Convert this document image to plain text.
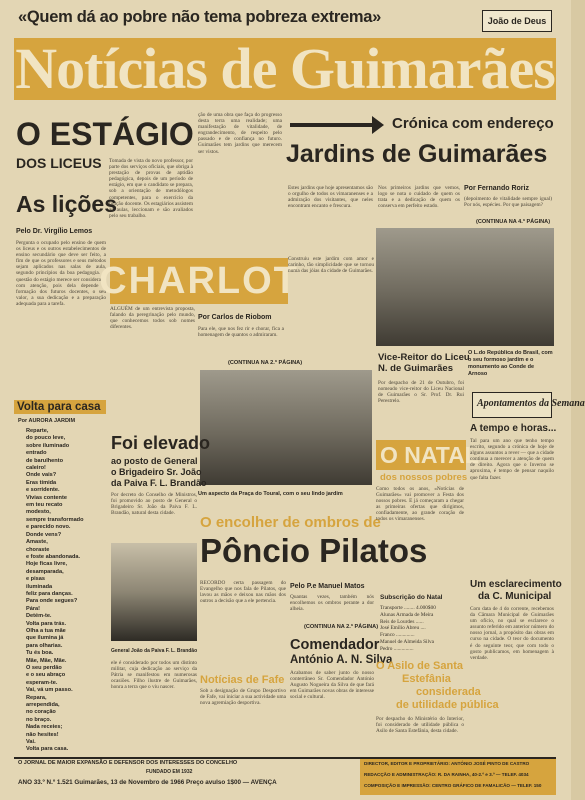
«Quem dá ao pobre não tema pobreza extrema»	João de Deus
Notícias de Guimarães
O ESTÁGIO
DOS LICEUS
As lições
Pelo Dr. Virgílio Lemos
Pergunta o ocupado pelo ensino de quem os liceus e os outros estabelecimentos de ensino secundário que deve ser feito, a fim de que os professores e seus métodos sejam aplicados nas salas de aula, segundo princípios da boa pedagogia. A questão do estágio merece ser considerada com atenção, pois dela depende a formação dos futuros docentes, o seu valor, a sua dedicação e a preparação adequada para a tarefa.
Tomada de vista do novo professor, por parte dos serviços oficiais, que obriga à prestação de provas de aptidão pedagógica, depois de um período de estágio, em que o candidato se prepara, sob a orientação de metodólogos competentes, para o exercício da função docente. Os estagiários assistem às aulas, leccionam e são avaliados pelo seu trabalho.
Crónica com endereço
Jardins de Guimarães
ção de uma obra que faça do progresso desta terra uma realidade; uma manifestação de vitalidade, de engrandecimento, de respeito pelo passado e de confiança no futuro. Guimarães tem jardins que merecem ser vistos.
Estes jardins que hoje apresentamos são o orgulho de todos os vimaranenses e a admiração dos visitantes, que neles encontram encanto e frescura.
Nos primeiros jardins que vemos, logo se nota o cuidado de quem os trata e a dedicação de quem os conserva em perfeito estado.
Por Fernando Roriz
(depoimento de vitalidade sempre igual) Por nós, espécies. Por que paisagem?
(CONTINUA NA 4.ª PÁGINA)
CHARLOT
Por Carlos de Riobom
ALGUÉM de um entrevista proposta, falando da peregrinação pelo mundo, que conhecemos todos sob nomes diferentes.	Para ele, que nos fez rir e chorar, fica a homenagem de quantos o admiraram.
(CONTINUA NA 2.ª PÁGINA)
Construiu este jardim com amor e carinho, tão simplicidade que se tornou numa das jóias da cidade de Guimarães.
Um aspecto da Praça do Toural, com o seu lindo jardim
Vice-Reitor do Liceu
N. de Guimarães
Por despacho de 21 de Outubro, foi nomeado vice-reitor do Liceu Nacional de Guimarães o Sr. Prof. Dr. Rui Perestrelo.
O L.do República do Brasil, com o seu formoso jardim e o monumento ao Conde de Arnoso
Volta para casa
Por AURORA JARDIM
Reparte,
do pouco leve,
sobre iluminado
entrado
de barulhento
caleiro!
Onde vais?
Eras tímida
e sorridente.
Vivias contente
em teu recato
modesto,
sempre transformado
e parecido novo.
Donde vens?
Amaste,
choraste
e foste abandonada.
Hoje ficas livre,
desamparada,
e pisas
iluminada
feliz para danças.
Para onde segues?
Pára!
Detém-te.
Volta para trás.
Olha a tua mãe
que ilumina já
para olharias.
Tu és boa.
Mãe, Mãe, Mãe.
O seu perdão
e o seu abraço
esperam-te.
Vai, vá um passo.
Repara,
arrependida,
no coração
no braço.
Nada receies;
não hesites!
Vai.
Volta para casa.
Foi elevado
ao posto de General
o Brigadeiro Sr. João
da Paiva F. L. Brandão
Por decreto do Conselho de Ministros, foi promovido ao posto de General o Brigadeiro Sr. João da Paiva F. L. Brandão, natural desta cidade.
General João da Paiva F. L. Brandão
ele é considerado por todos um distinto militar, cuja dedicação ao serviço da Pátria se manifestou em numerosas ocasiões. Filho ilustre de Guimarães, honra a terra que o viu nascer.
O encolher de ombros de
Pôncio Pilatos
RECORDO certa passagem do Evangelho que nos fala de Pilatos, que lavou as mãos e deixou nas mãos dos outros a decisão que a ele pertencia.
Pelo P.e Manuel Matos
Quantas vezes, também nós encolhemos os ombros perante a dor alheia.
(CONTINUA NA 2.ª PÁGINA)
Comendador
António A. N. Silva
Acabamos de saber junto do nosso conterrâneo Sr. Comendador António Augusto Nogueira da Silva de que fará em Guimarães novas obras de interesse social e cultural.
Notícias de Fafe
Sob a designação de Grupo Desportivo de Fafe, vai iniciar a sua actividade uma nova agremiação desportiva.
O NATAL
dos nossos pobres
Como todos os anos, «Notícias de Guimarães» vai promover a Festa dos nossos pobres. E já começaram a chegar as primeiras ofertas que dirigimos, confiadamente, ao grande coração de todos os vimaranenses.
Subscrição do Natal
Transporte ........ 4.000$00
Alunas Armada de Meira
Reis de Lourdes ......
José Emílio Abreu ....
Franco ..............
Manuel de Almeida Silva
Pedro ...............
O Asilo de Santa
Estefânia
considerada
de utilidade pública
Por despacho do Ministério do Interior, foi considerado de utilidade pública o Asilo de Santa Estefânia, desta cidade.
Apontamentos da Semana
A tempo e horas...
Tal para um ano que tenho tempo escrito, segundo a crónica de hoje de alguns assuntos a rever — que a cidade continua a merecer a atenção de quem de direito. Agora que o Inverno se aproxima, é tempo de pensar naquilo que falta fazer.
Um esclarecimento
da C. Municipal
Com data de 4 do corrente, recebemos da Câmara Municipal de Guimarães um ofício, no qual se esclarece o assunto referido em anterior número do nosso jornal, a propósito das obras em curso na cidade. O teor do documento é do seguinte teor, que com todo o gosto publicamos, em homenagem à verdade.
O JORNAL DE MAIOR EXPANSÃO E DEFENSOR DOS INTERESSES DO CONCELHO
FUNDADO EM 1932
ANO 33.º N.º 1.521 Guimarães, 13 de Novembro de 1966 Preço avulso 1$00 — AVENÇA
DIRECTOR, EDITOR E PROPRIETÁRIO: ANTÓNIO JOSÉ PINTO DE CASTRO
REDACÇÃO E ADMINISTRAÇÃO: R. DA RAINHA, 40-2.º e 3.º — TELEF. 4034
COMPOSIÇÃO E IMPRESSÃO: CENTRO GRÁFICO DE FAMALICÃO — TELEF. 150
